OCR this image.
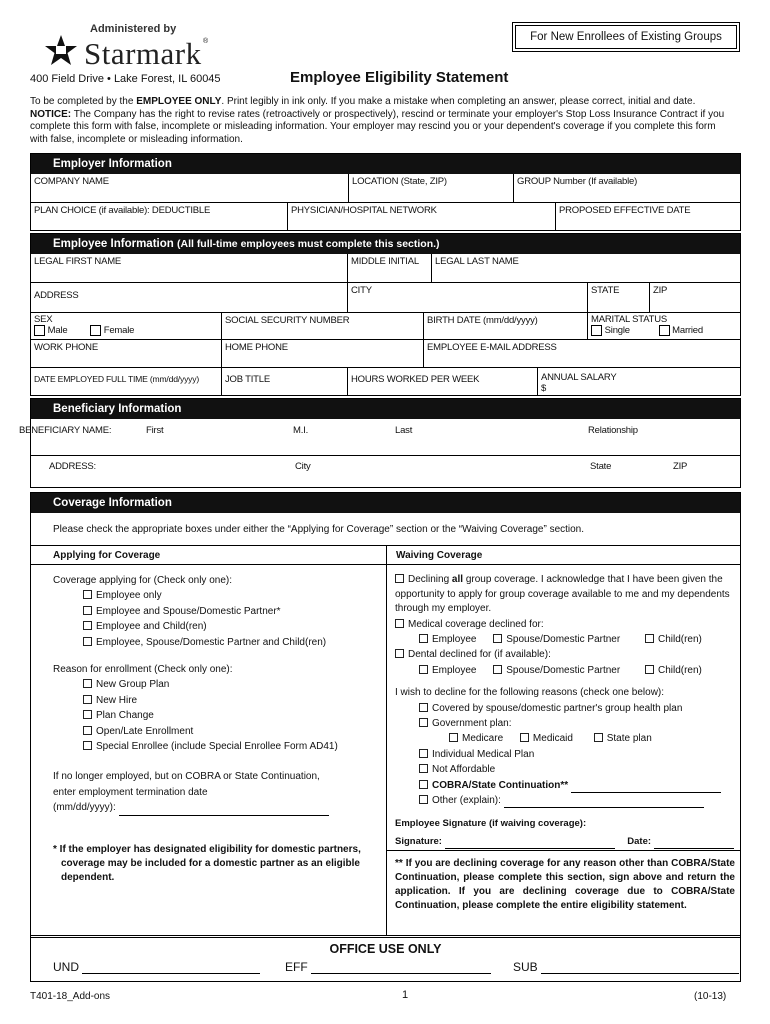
Administered by
Starmark ®
400 Field Drive • Lake Forest, IL 60045	Employee Eligibility Statement
For New Enrollees of Existing Groups
To be completed by the EMPLOYEE ONLY. Print legibly in ink only. If you make a mistake when completing an answer, please correct, initial and date.
NOTICE: The Company has the right to revise rates (retroactively or prospectively), rescind or terminate your employer's Stop Loss Insurance Contract if you complete this form with false, incomplete or misleading information. Your employer may rescind you or your dependent's coverage if you complete this form with false, incomplete or misleading information.
Employer Information
COMPANY NAME	LOCATION (State, ZIP)	GROUP Number (If available)
PLAN CHOICE (if available): DEDUCTIBLE	PHYSICIAN/HOSPITAL NETWORK	PROPOSED EFFECTIVE DATE
Employee Information (All full-time employees must complete this section.)
LEGAL FIRST NAME	MIDDLE INITIAL	LEGAL LAST NAME
ADDRESS	CITY	STATE	ZIP
SEX
Male	Female
SOCIAL SECURITY NUMBER	BIRTH DATE (mm/dd/yyyy)	MARITAL STATUS
Single	Married
WORK PHONE	HOME PHONE	EMPLOYEE E-MAIL ADDRESS
DATE EMPLOYED FULL TIME (mm/dd/yyyy)	JOB TITLE	HOURS WORKED PER WEEK	ANNUAL SALARY
$
Beneficiary Information
BENEFICIARY NAME:	First	M.I.	Last	Relationship
ADDRESS:	City	State	ZIP
Coverage Information
Please check the appropriate boxes under either the “Applying for Coverage” section or the “Waiving Coverage” section.
Applying for Coverage	Waiving Coverage
Coverage applying for (Check only one):
Employee only
Employee and Spouse/Domestic Partner*
Employee and Child(ren)
Employee, Spouse/Domestic Partner and Child(ren)
Reason for enrollment (Check only one):
New Group Plan
New Hire
Plan Change
Open/Late Enrollment
Special Enrollee (include Special Enrollee Form AD41)
If no longer employed, but on COBRA or State Continuation,
enter employment termination date
(mm/dd/yyyy):
* If the employer has designated eligibility for domestic partners, coverage may be included for a domestic partner as an eligible dependent.
Declining all group coverage. I acknowledge that I have been given the opportunity to apply for group coverage available to me and my dependents through my employer.
Medical coverage declined for:
Employee	Spouse/Domestic Partner	Child(ren)
Dental declined for (if available):
Employee	Spouse/Domestic Partner	Child(ren)
I wish to decline for the following reasons (check one below):
Covered by spouse/domestic partner's group health plan
Government plan:
Medicare	Medicaid	State plan
Individual Medical Plan
Not Affordable
COBRA/State Continuation**
Other (explain):
Employee Signature (if waiving coverage):
Signature:	Date:
** If you are declining coverage for any reason other than COBRA/State Continuation, please complete this section, sign above and return the application. If you are declining coverage due to COBRA/State Continuation, please complete the entire eligibility statement.
OFFICE USE ONLY
UND	EFF	SUB
T401-18_Add-ons	1	(10-13)
